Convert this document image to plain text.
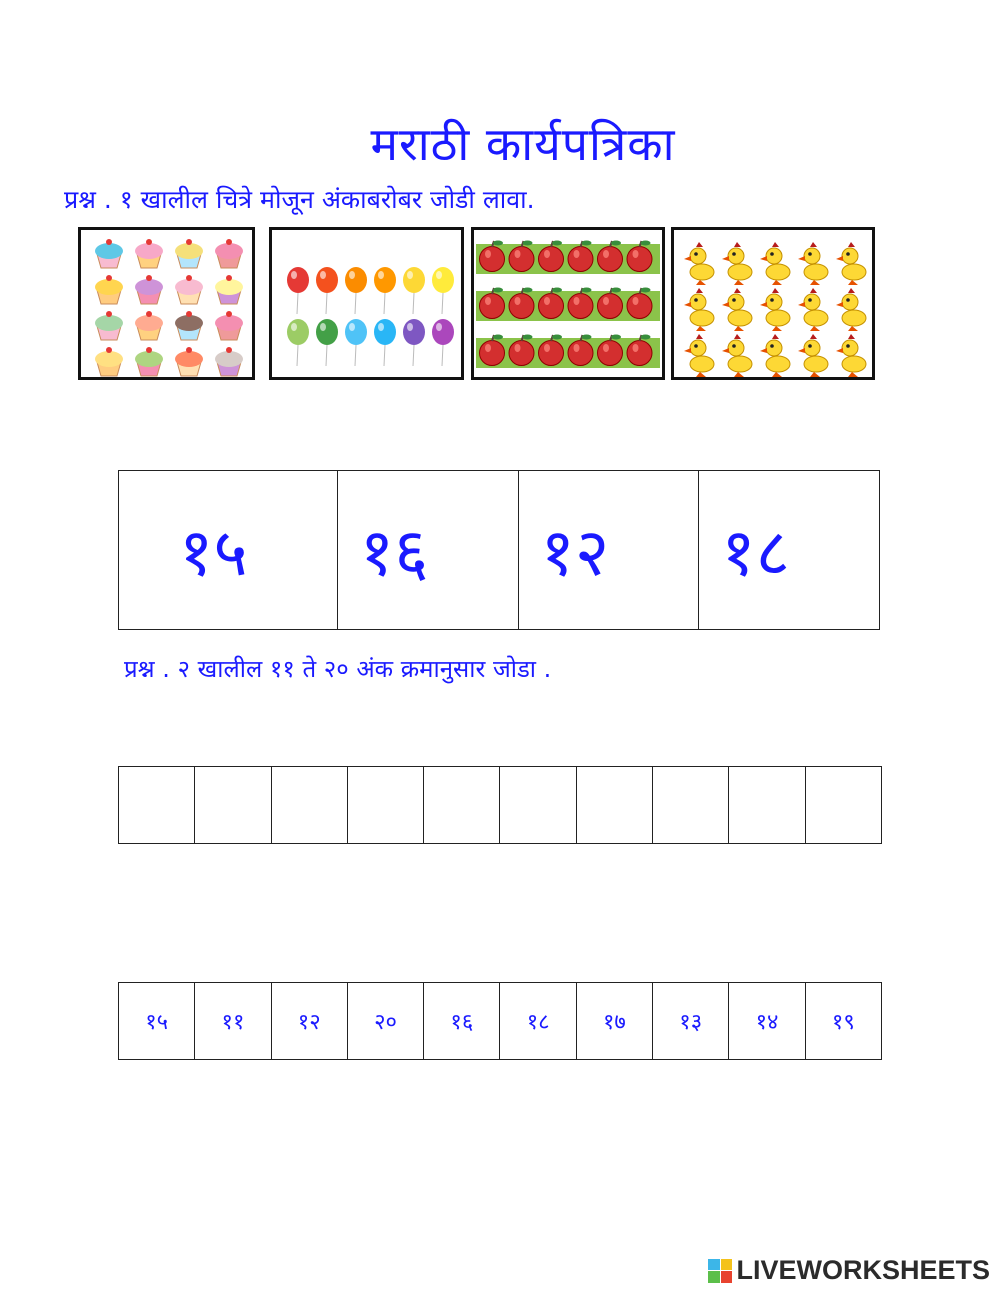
मराठी कार्यपत्रिका
प्रश्न . १ खालील चित्रे मोजून अंकाबरोबर जोडी लावा.
१५	१६	१२	१८
प्रश्न . २ खालील ११ ते २० अंक क्रमानुसार जोडा .
१५	११	१२	२०	१६	१८	१७	१३	१४	१९
LIVEWORKSHEETS
